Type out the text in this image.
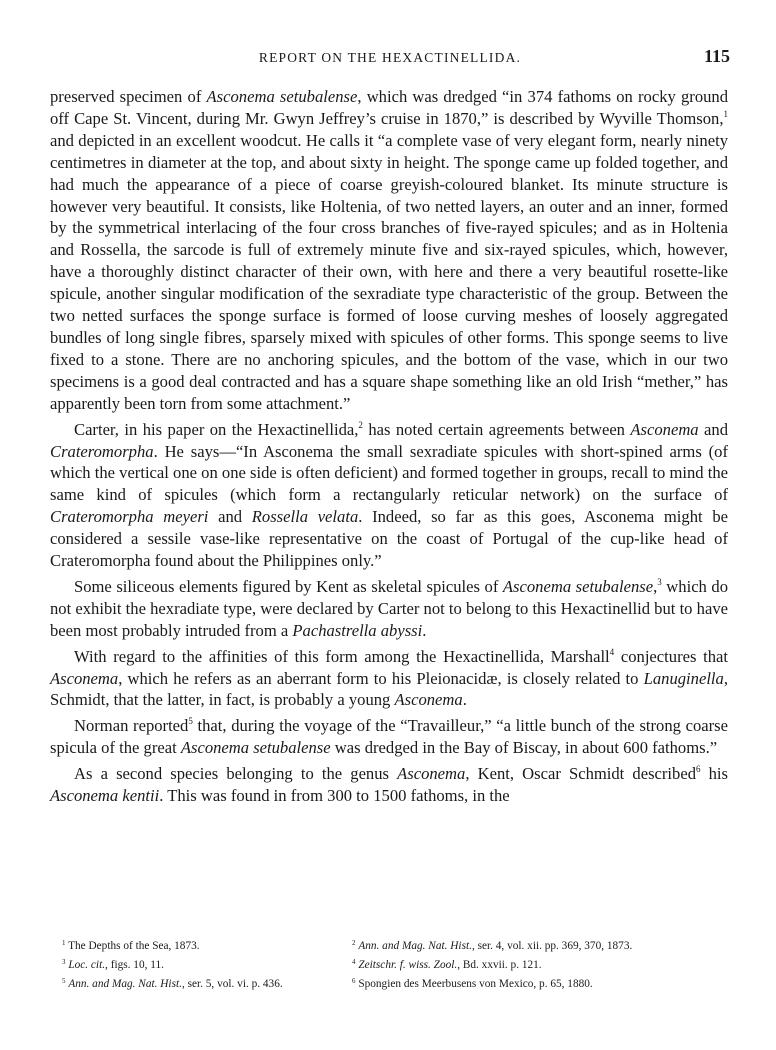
REPORT ON THE HEXACTINELLIDA.	115

preserved specimen of Asconema setubalense, which was dredged “in 374 fathoms on rocky ground off Cape St. Vincent, during Mr. Gwyn Jeffrey’s cruise in 1870,” is described by Wyville Thomson,$^1$ and depicted in an excellent woodcut. He calls it “a complete vase of very elegant form, nearly ninety centimetres in diameter at the top, and about sixty in height. The sponge came up folded together, and had much the appearance of a piece of coarse greyish-coloured blanket. Its minute structure is however very beautiful. It consists, like Holtenia, of two netted layers, an outer and an inner, formed by the symmetrical interlacing of the four cross branches of five-rayed spicules; and as in Holtenia and Rossella, the sarcode is full of extremely minute five and six-rayed spicules, which, however, have a thoroughly distinct character of their own, with here and there a very beautiful rosette-like spicule, another singular modification of the sexradiate type characteristic of the group. Between the two netted surfaces the sponge surface is formed of loose curving meshes of loosely aggregated bundles of long single fibres, sparsely mixed with spicules of other forms. This sponge seems to live fixed to a stone. There are no anchoring spicules, and the bottom of the vase, which in our two specimens is a good deal contracted and has a square shape something like an old Irish “mether,” has apparently been torn from some attachment.”

Carter, in his paper on the Hexactinellida,$^2$ has noted certain agreements between Asconema and Crateromorpha. He says—“In Asconema the small sexradiate spicules with short-spined arms (of which the vertical one on one side is often deficient) and formed together in groups, recall to mind the same kind of spicules (which form a rectangularly reticular network) on the surface of Crateromorpha meyeri and Rossella velata. Indeed, so far as this goes, Asconema might be considered a sessile vase-like representative on the coast of Portugal of the cup-like head of Crateromorpha found about the Philippines only.”

Some siliceous elements figured by Kent as skeletal spicules of Asconema setubalense,$^3$ which do not exhibit the hexradiate type, were declared by Carter not to belong to this Hexactinellid but to have been most probably intruded from a Pachastrella abyssi.

With regard to the affinities of this form among the Hexactinellida, Marshall$^4$ conjectures that Asconema, which he refers as an aberrant form to his Pleionacidæ, is closely related to Lanuginella, Schmidt, that the latter, in fact, is probably a young Asconema.

Norman reported$^5$ that, during the voyage of the “Travailleur,” “a little bunch of the strong coarse spicula of the great Asconema setubalense was dredged in the Bay of Biscay, in about 600 fathoms.”

As a second species belonging to the genus Asconema, Kent, Oscar Schmidt described$^6$ his Asconema kentii. This was found in from 300 to 1500 fathoms, in the

$^1$ The Depths of the Sea, 1873.	$^2$ Ann. and Mag. Nat. Hist., ser. 4, vol. xii. pp. 369, 370, 1873.
$^3$ Loc. cit., figs. 10, 11.	$^4$ Zeitschr. f. wiss. Zool., Bd. xxvii. p. 121.
$^5$ Ann. and Mag. Nat. Hist., ser. 5, vol. vi. p. 436.	$^6$ Spongien des Meerbusens von Mexico, p. 65, 1880.
